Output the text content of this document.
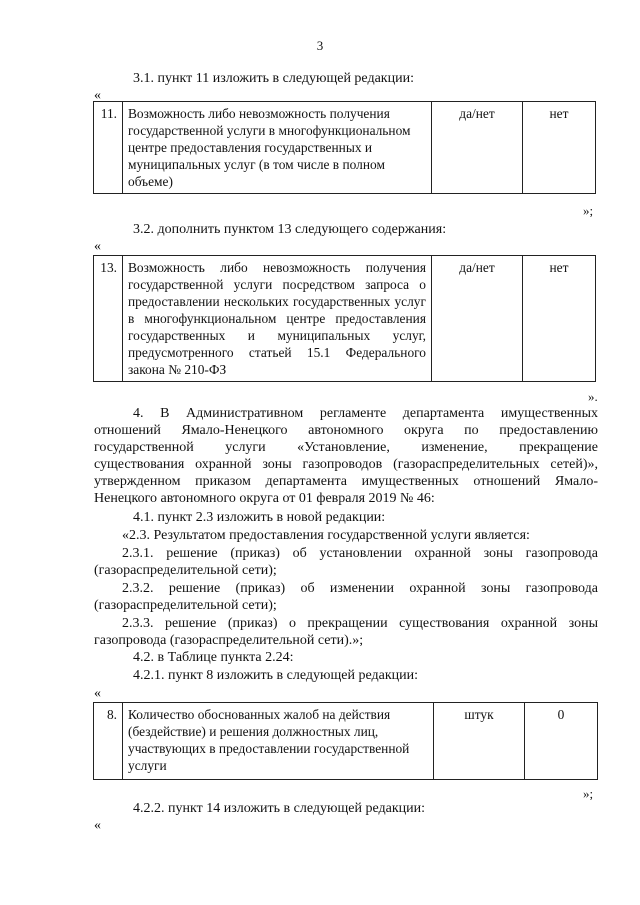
3
3.1. пункт 11 изложить в следующей редакции:
«
11.	Возможность либо невозможность получения государственной услуги в многофункциональном центре предоставления государственных и муниципальных услуг (в том числе в полном объеме)	да/нет	нет
»;
3.2. дополнить пунктом 13 следующего содержания:
«
13.	Возможность либо невозможность получения государственной услуги посредством запроса о предоставлении нескольких государственных услуг в многофункциональном центре предоставления государственных и муниципальных услуг, предусмотренного статьей 15.1 Федерального закона № 210-ФЗ	да/нет	нет
».
4. В Административном регламенте департамента имущественных
отношений Ямало-Ненецкого автономного округа по предоставлению
государственной услуги «Установление, изменение, прекращение
существования охранной зоны газопроводов (газораспределительных сетей)»,
утвержденном приказом департамента имущественных отношений Ямало-
Ненецкого автономного округа от 01 февраля 2019 № 46:
4.1. пункт 2.3 изложить в новой редакции:
«2.3. Результатом предоставления государственной услуги является:
2.3.1. решение (приказ) об установлении охранной зоны газопровода
(газораспределительной сети);
2.3.2. решение (приказ) об изменении охранной зоны газопровода
(газораспределительной сети);
2.3.3. решение (приказ) о прекращении существования охранной зоны
газопровода (газораспределительной сети).»;
4.2. в Таблице пункта 2.24:
4.2.1. пункт 8 изложить в следующей редакции:
«
8.	Количество обоснованных жалоб на действия (бездействие) и решения должностных лиц, участвующих в предоставлении государственной услуги	штук	0
»;
4.2.2. пункт 14 изложить в следующей редакции:
«
